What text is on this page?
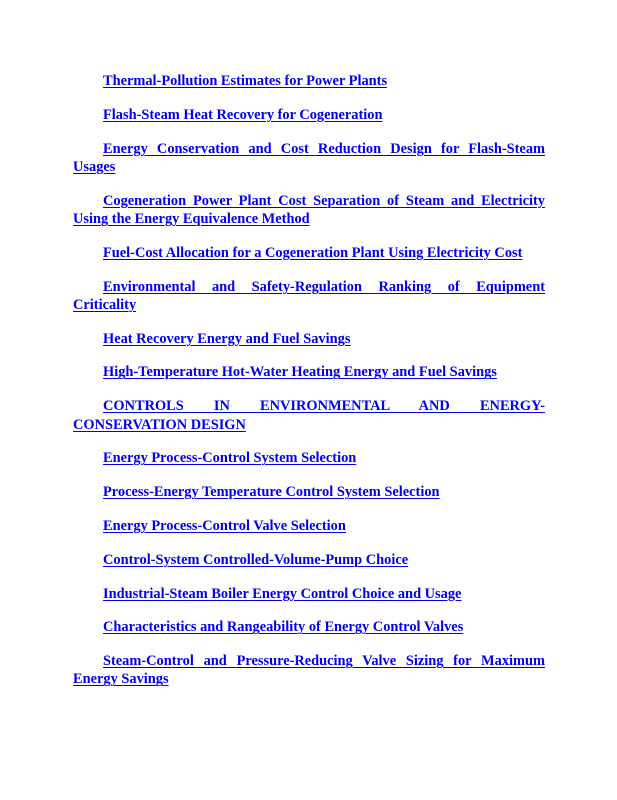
Thermal-Pollution Estimates for Power Plants

Flash-Steam Heat Recovery for Cogeneration

Energy Conservation and Cost Reduction Design for Flash-Steam Usages

Cogeneration Power Plant Cost Separation of Steam and Electricity Using the Energy Equivalence Method

Fuel-Cost Allocation for a Cogeneration Plant Using Electricity Cost

Environmental and Safety-Regulation Ranking of Equipment Criticality

Heat Recovery Energy and Fuel Savings

High-Temperature Hot-Water Heating Energy and Fuel Savings

CONTROLS IN ENVIRONMENTAL AND ENERGY-CONSERVATION DESIGN

Energy Process-Control System Selection

Process-Energy Temperature Control System Selection

Energy Process-Control Valve Selection

Control-System Controlled-Volume-Pump Choice

Industrial-Steam Boiler Energy Control Choice and Usage

Characteristics and Rangeability of Energy Control Valves

Steam-Control and Pressure-Reducing Valve Sizing for Maximum Energy Savings
